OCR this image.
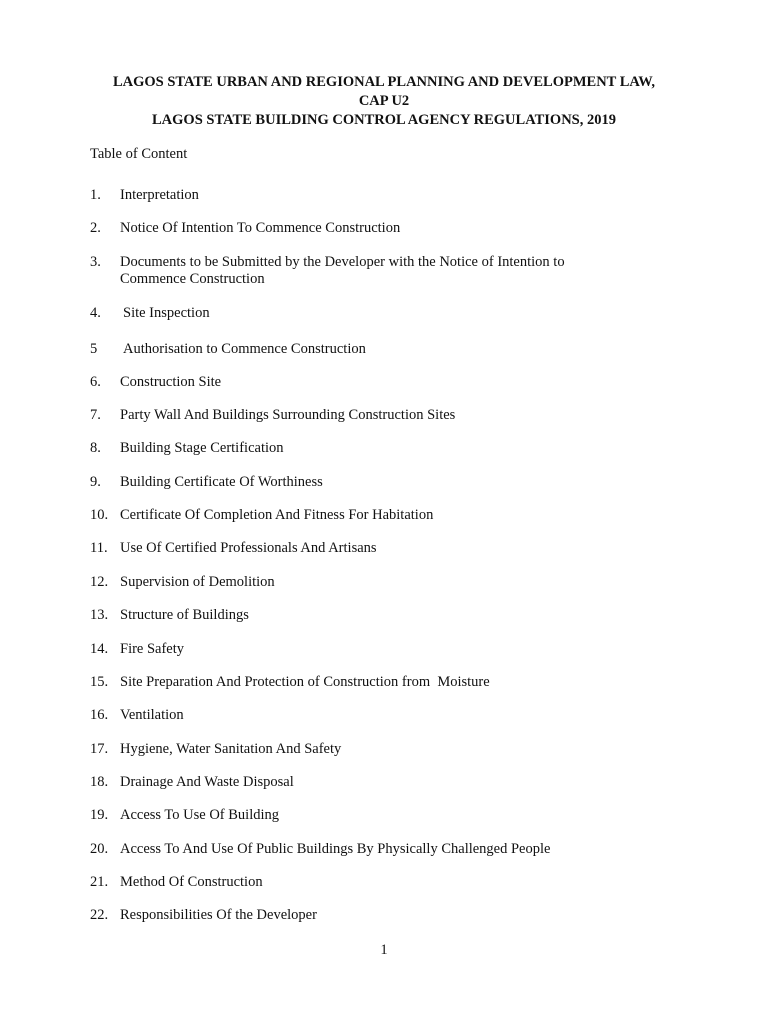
LAGOS STATE URBAN AND REGIONAL PLANNING AND DEVELOPMENT LAW,
CAP U2
LAGOS STATE BUILDING CONTROL AGENCY REGULATIONS, 2019
Table of Content
1. Interpretation
2. Notice Of Intention To Commence Construction
3. Documents to be Submitted by the Developer with the Notice of Intention to
Commence Construction
4. Site Inspection
5 Authorisation to Commence Construction
6. Construction Site
7. Party Wall And Buildings Surrounding Construction Sites
8. Building Stage Certification
9. Building Certificate Of Worthiness
10. Certificate Of Completion And Fitness For Habitation
11. Use Of Certified Professionals And Artisans
12. Supervision of Demolition
13. Structure of Buildings
14. Fire Safety
15. Site Preparation And Protection of Construction from  Moisture
16. Ventilation
17. Hygiene, Water Sanitation And Safety
18. Drainage And Waste Disposal
19. Access To Use Of Building
20. Access To And Use Of Public Buildings By Physically Challenged People
21. Method Of Construction
22. Responsibilities Of the Developer
1
